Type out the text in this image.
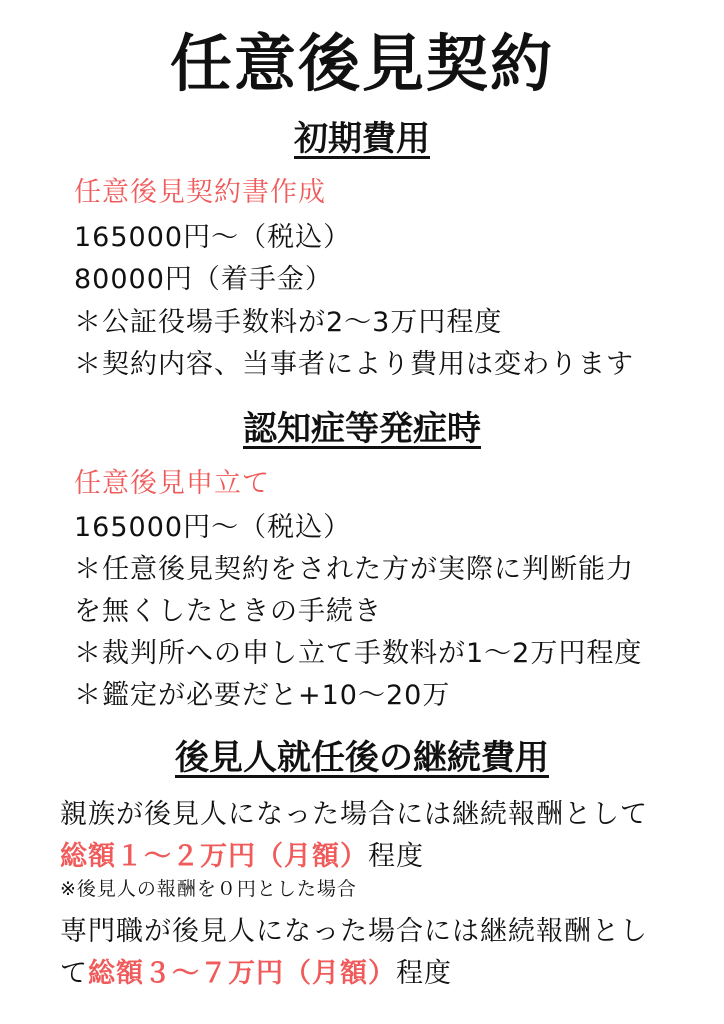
任意後見契約
初期費用
任意後見契約書作成
165000円～（税込）
80000円（着手金）
＊公証役場手数料が2～3万円程度
＊契約内容、当事者により費用は変わります
認知症等発症時
任意後見申立て
165000円～（税込）
＊任意後見契約をされた方が実際に判断能力
を無くしたときの手続き
＊裁判所への申し立て手数料が1～2万円程度
＊鑑定が必要だと+10～20万
後見人就任後の継続費用
親族が後見人になった場合には継続報酬として
総額１～２万円（月額）程度
※後見人の報酬を０円とした場合
専門職が後見人になった場合には継続報酬とし
て総額３～７万円（月額）程度
